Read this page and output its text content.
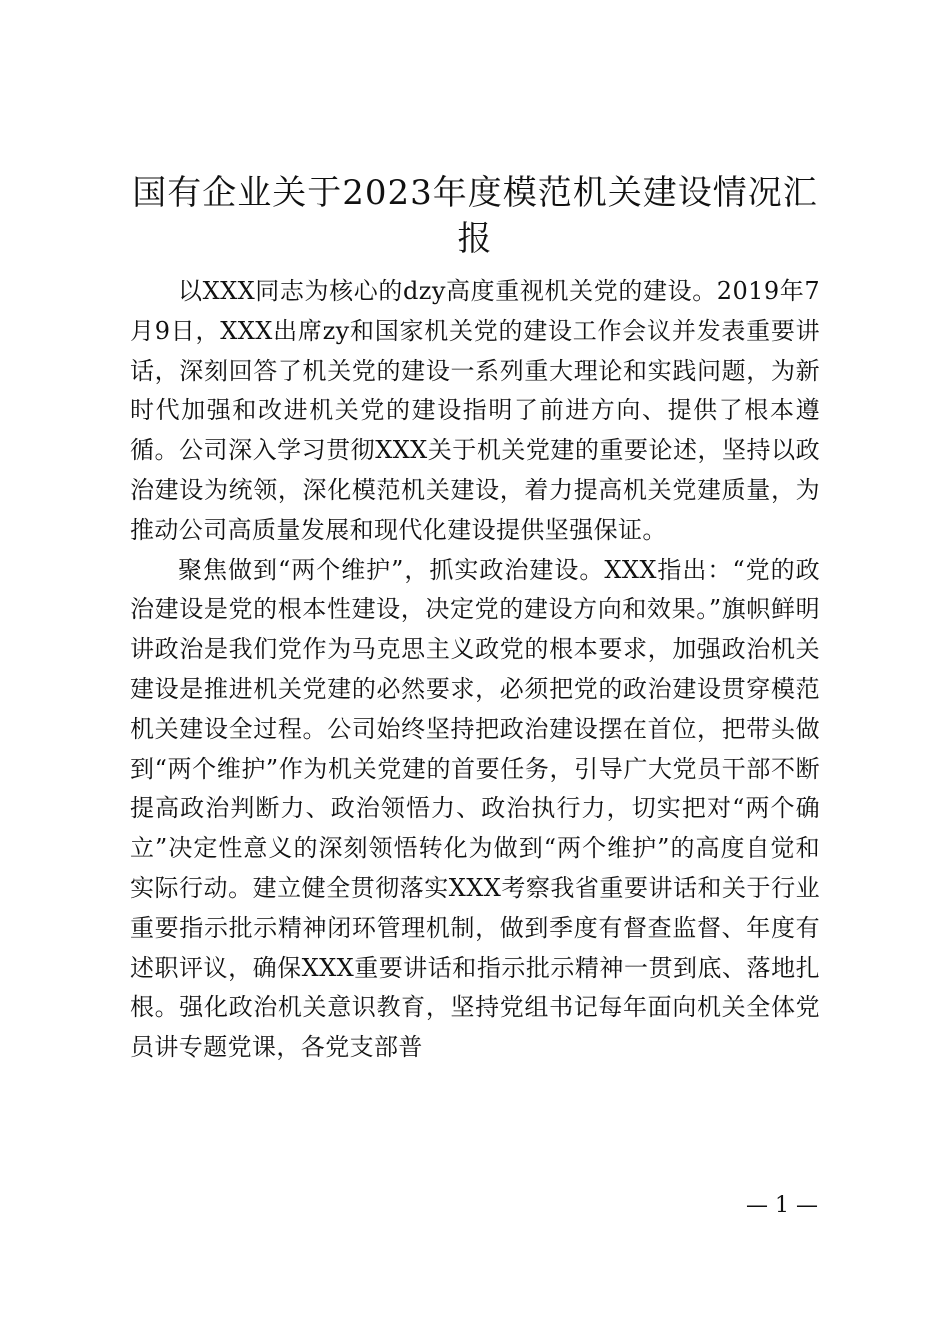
国有企业关于2023年度模范机关建设情况汇报

以XXX同志为核心的dzy高度重视机关党的建设。2019年7月9日，XXX出席zy和国家机关党的建设工作会议并发表重要讲话，深刻回答了机关党的建设一系列重大理论和实践问题，为新时代加强和改进机关党的建设指明了前进方向、提供了根本遵循。公司深入学习贯彻XXX关于机关党建的重要论述，坚持以政治建设为统领，深化模范机关建设，着力提高机关党建质量，为推动公司高质量发展和现代化建设提供坚强保证。

聚焦做到“两个维护”，抓实政治建设。XXX指出：“党的政治建设是党的根本性建设，决定党的建设方向和效果。”旗帜鲜明讲政治是我们党作为马克思主义政党的根本要求，加强政治机关建设是推进机关党建的必然要求，必须把党的政治建设贯穿模范机关建设全过程。公司始终坚持把政治建设摆在首位，把带头做到“两个维护”作为机关党建的首要任务，引导广大党员干部不断提高政治判断力、政治领悟力、政治执行力，切实把对“两个确立”决定性意义的深刻领悟转化为做到“两个维护”的高度自觉和实际行动。建立健全贯彻落实XXX考察我省重要讲话和关于行业重要指示批示精神闭环管理机制，做到季度有督查监督、年度有述职评议，确保XXX重要讲话和指示批示精神一贯到底、落地扎根。强化政治机关意识教育，坚持党组书记每年面向机关全体党员讲专题党课，各党支部普

— 1 —
